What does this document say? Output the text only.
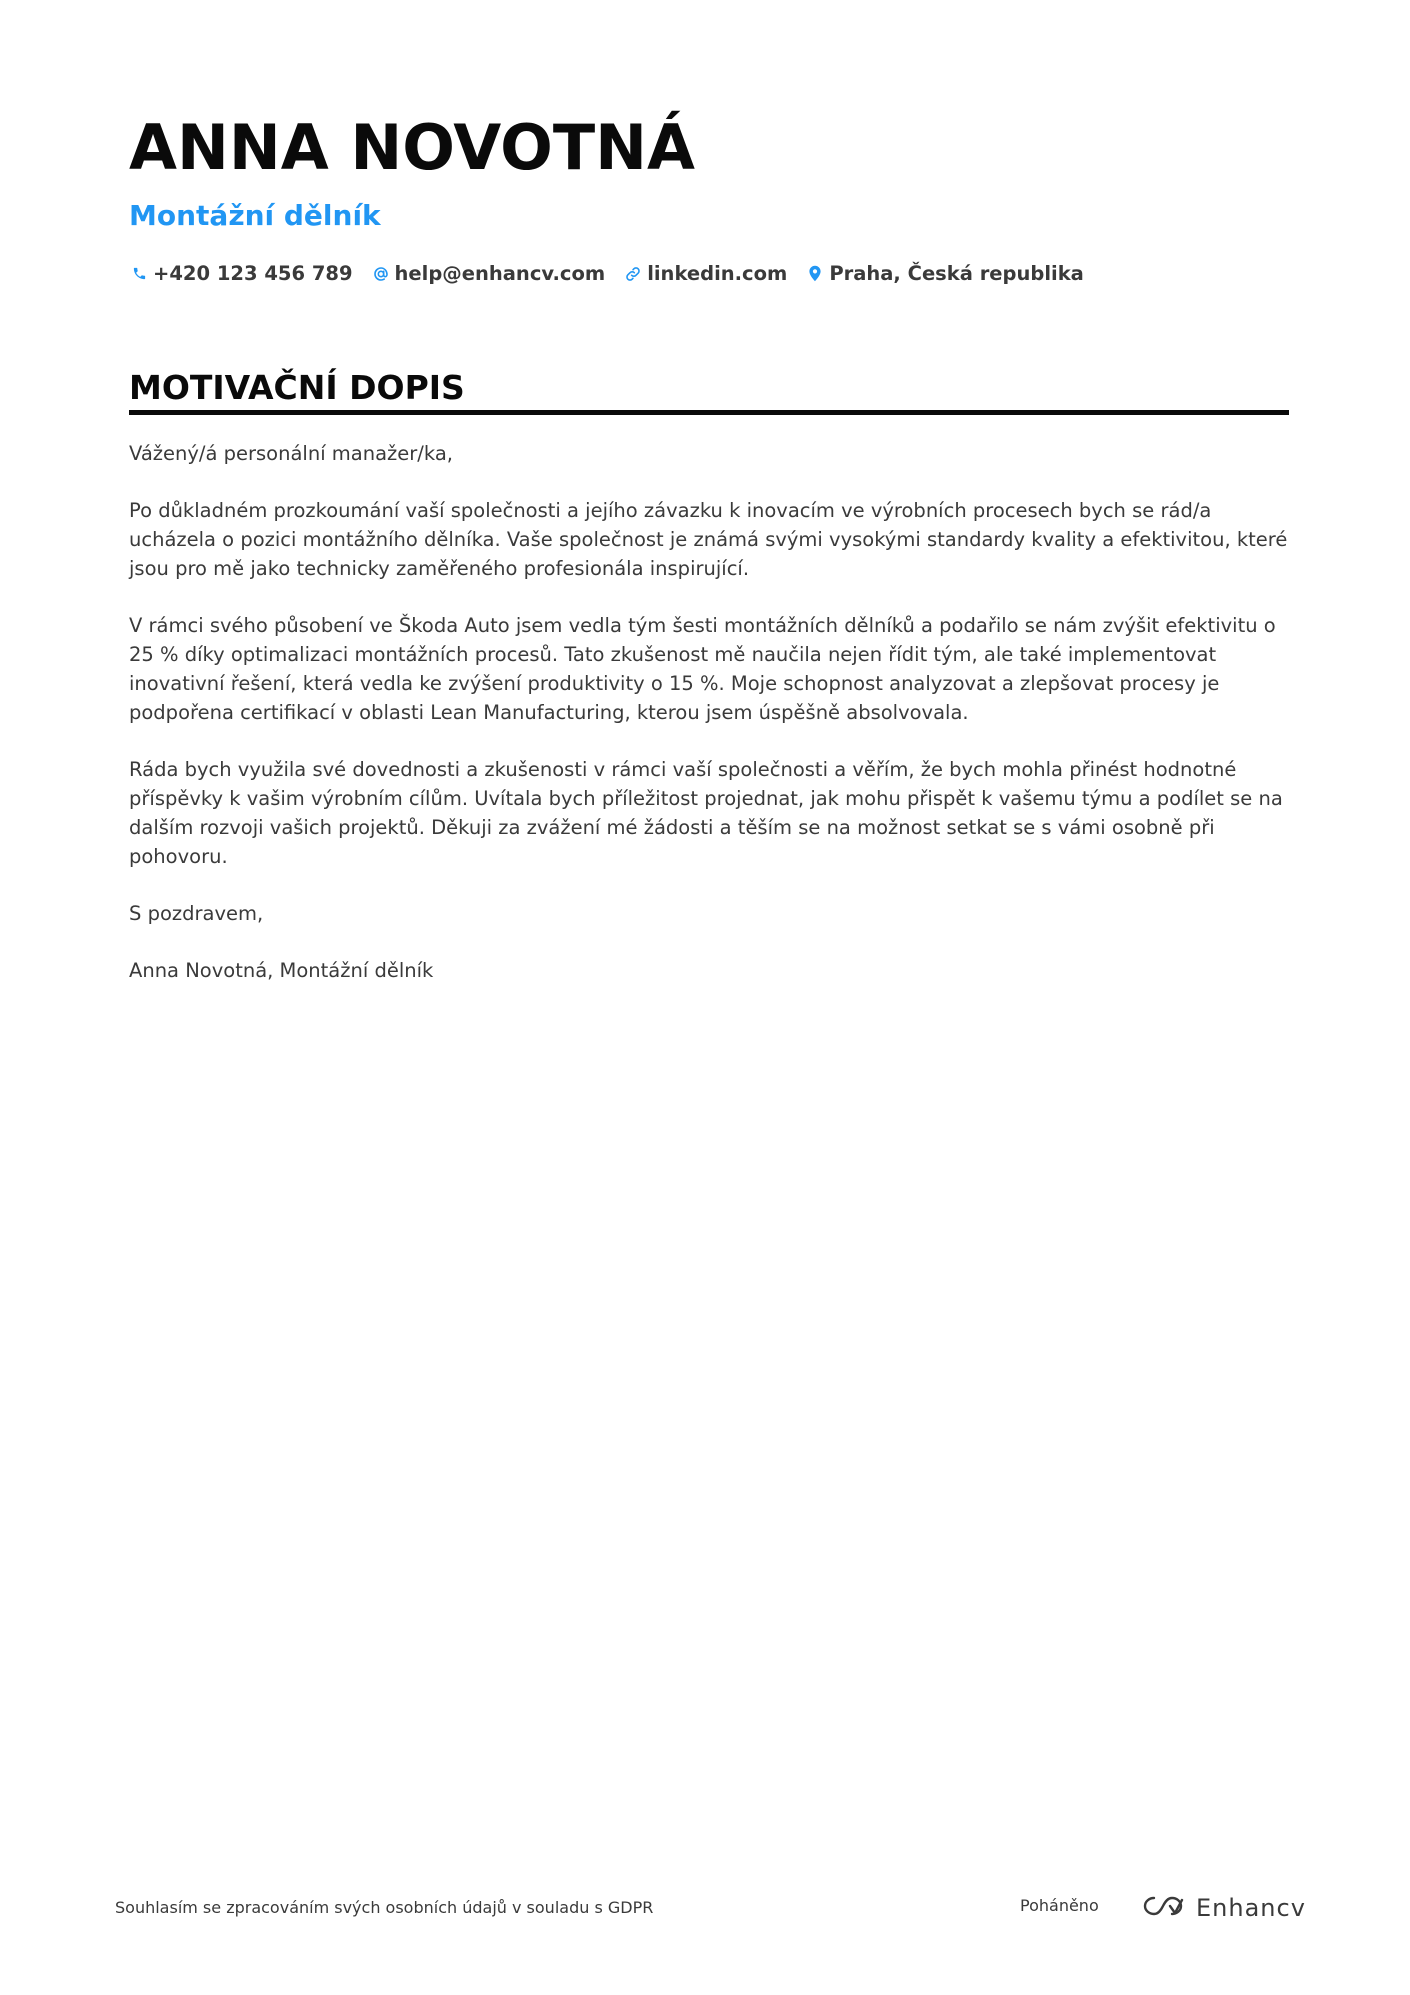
ANNA NOVOTNÁ
Montážní dělník
+420 123 456 789 help@enhancv.com linkedin.com Praha, Česká republika
MOTIVAČNÍ DOPIS

Vážený/á personální manažer/ka,

Po důkladném prozkoumání vaší společnosti a jejího závazku k inovacím ve výrobních procesech bych se rád/a ucházela o pozici montážního dělníka. Vaše společnost je známá svými vysokými standardy kvality a efektivitou, které jsou pro mě jako technicky zaměřeného profesionála inspirující.

V rámci svého působení ve Škoda Auto jsem vedla tým šesti montážních dělníků a podařilo se nám zvýšit efektivitu o 25 % díky optimalizaci montážních procesů. Tato zkušenost mě naučila nejen řídit tým, ale také implementovat inovativní řešení, která vedla ke zvýšení produktivity o 15 %. Moje schopnost analyzovat a zlepšovat procesy je podpořena certifikací v oblasti Lean Manufacturing, kterou jsem úspěšně absolvovala.

Ráda bych využila své dovednosti a zkušenosti v rámci vaší společnosti a věřím, že bych mohla přinést hodnotné příspěvky k vašim výrobním cílům. Uvítala bych příležitost projednat, jak mohu přispět k vašemu týmu a podílet se na dalším rozvoji vašich projektů. Děkuji za zvážení mé žádosti a těším se na možnost setkat se s vámi osobně při pohovoru.

S pozdravem,

Anna Novotná, Montážní dělník

Souhlasím se zpracováním svých osobních údajů v souladu s GDPR	Poháněno	Enhancv
